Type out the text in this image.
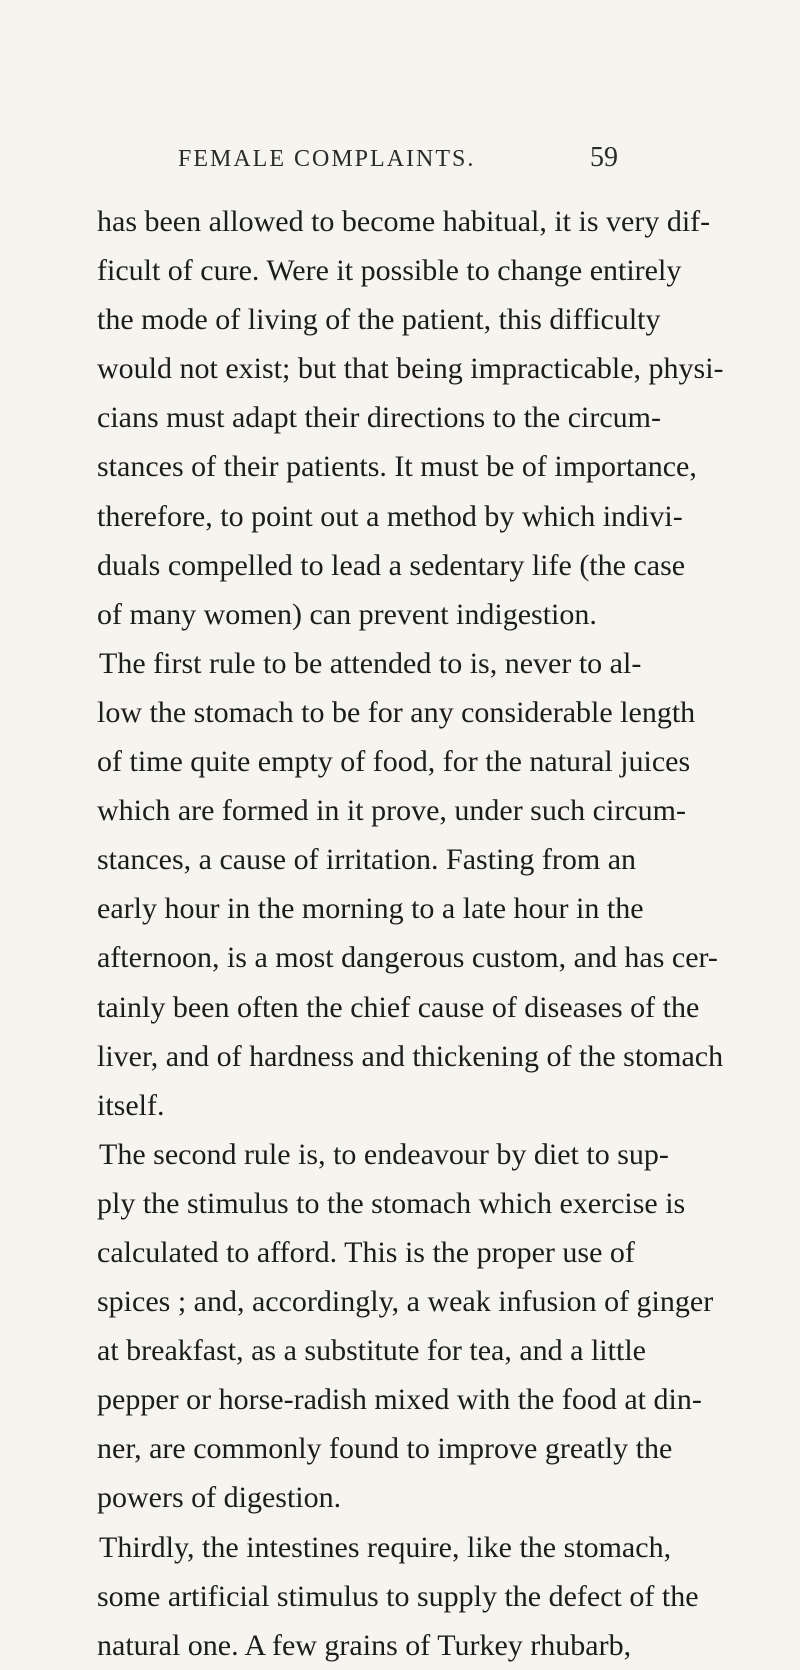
FEMALE COMPLAINTS.	59
has been allowed to become habitual, it is very dif-
ficult of cure. Were it possible to change entirely
the mode of living of the patient, this difficulty
would not exist; but that being impracticable, physi-
cians must adapt their directions to the circum-
stances of their patients. It must be of importance,
therefore, to point out a method by which indivi-
duals compelled to lead a sedentary life (the case
of many women) can prevent indigestion.
The first rule to be attended to is, never to al-
low the stomach to be for any considerable length
of time quite empty of food, for the natural juices
which are formed in it prove, under such circum-
stances, a cause of irritation. Fasting from an
early hour in the morning to a late hour in the
afternoon, is a most dangerous custom, and has cer-
tainly been often the chief cause of diseases of the
liver, and of hardness and thickening of the stomach
itself.
The second rule is, to endeavour by diet to sup-
ply the stimulus to the stomach which exercise is
calculated to afford. This is the proper use of
spices ; and, accordingly, a weak infusion of ginger
at breakfast, as a substitute for tea, and a little
pepper or horse-radish mixed with the food at din-
ner, are commonly found to improve greatly the
powers of digestion.
Thirdly, the intestines require, like the stomach,
some artificial stimulus to supply the defect of the
natural one. A few grains of Turkey rhubarb,
